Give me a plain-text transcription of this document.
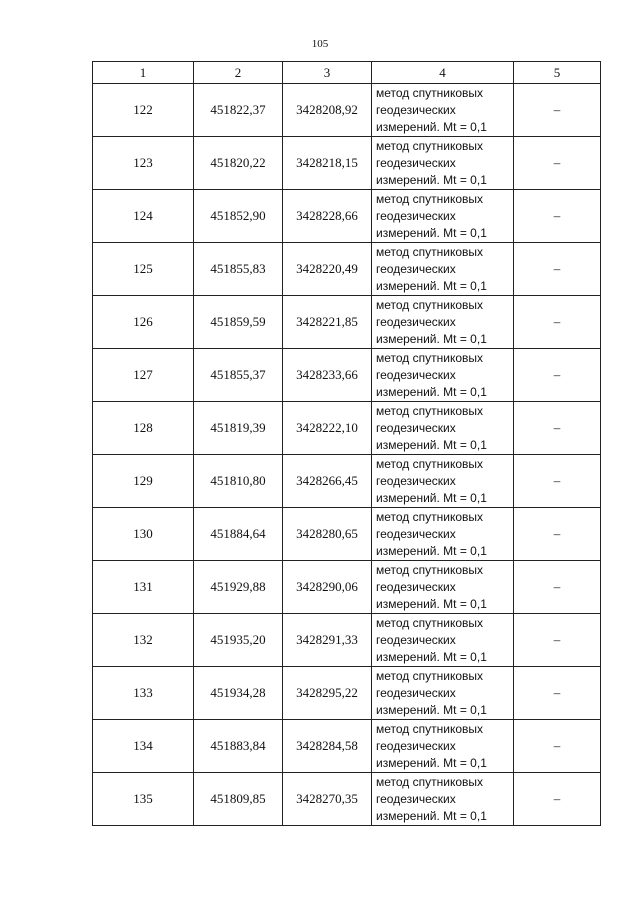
105
1	2	3	4	5
122	451822,37	3428208,92	метод спутниковых
геодезических
измерений. Mt = 0,1	–
123	451820,22	3428218,15	метод спутниковых
геодезических
измерений. Mt = 0,1	–
124	451852,90	3428228,66	метод спутниковых
геодезических
измерений. Mt = 0,1	–
125	451855,83	3428220,49	метод спутниковых
геодезических
измерений. Mt = 0,1	–
126	451859,59	3428221,85	метод спутниковых
геодезических
измерений. Mt = 0,1	–
127	451855,37	3428233,66	метод спутниковых
геодезических
измерений. Mt = 0,1	–
128	451819,39	3428222,10	метод спутниковых
геодезических
измерений. Mt = 0,1	–
129	451810,80	3428266,45	метод спутниковых
геодезических
измерений. Mt = 0,1	–
130	451884,64	3428280,65	метод спутниковых
геодезических
измерений. Mt = 0,1	–
131	451929,88	3428290,06	метод спутниковых
геодезических
измерений. Mt = 0,1	–
132	451935,20	3428291,33	метод спутниковых
геодезических
измерений. Mt = 0,1	–
133	451934,28	3428295,22	метод спутниковых
геодезических
измерений. Mt = 0,1	–
134	451883,84	3428284,58	метод спутниковых
геодезических
измерений. Mt = 0,1	–
135	451809,85	3428270,35	метод спутниковых
геодезических
измерений. Mt = 0,1	–
